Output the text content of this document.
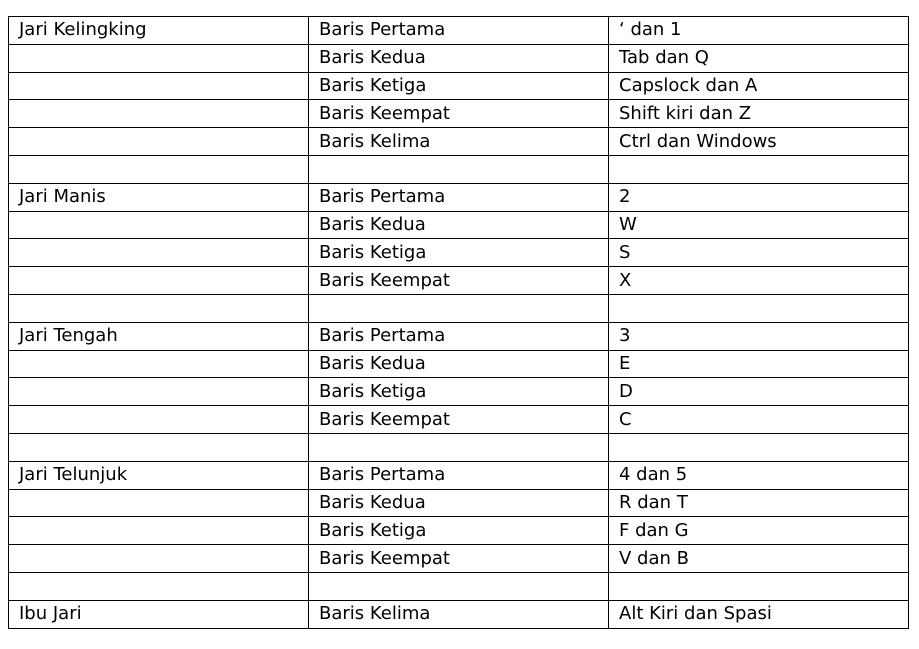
Jari Kelingking	Baris Pertama	‘ dan 1
	Baris Kedua	Tab dan Q
	Baris Ketiga	Capslock dan A
	Baris Keempat	Shift kiri dan Z
	Baris Kelima	Ctrl dan Windows

Jari Manis	Baris Pertama	2
	Baris Kedua	W
	Baris Ketiga	S
	Baris Keempat	X

Jari Tengah	Baris Pertama	3
	Baris Kedua	E
	Baris Ketiga	D
	Baris Keempat	C

Jari Telunjuk	Baris Pertama	4 dan 5
	Baris Kedua	R dan T
	Baris Ketiga	F dan G
	Baris Keempat	V dan B

Ibu Jari	Baris Kelima	Alt Kiri dan Spasi
